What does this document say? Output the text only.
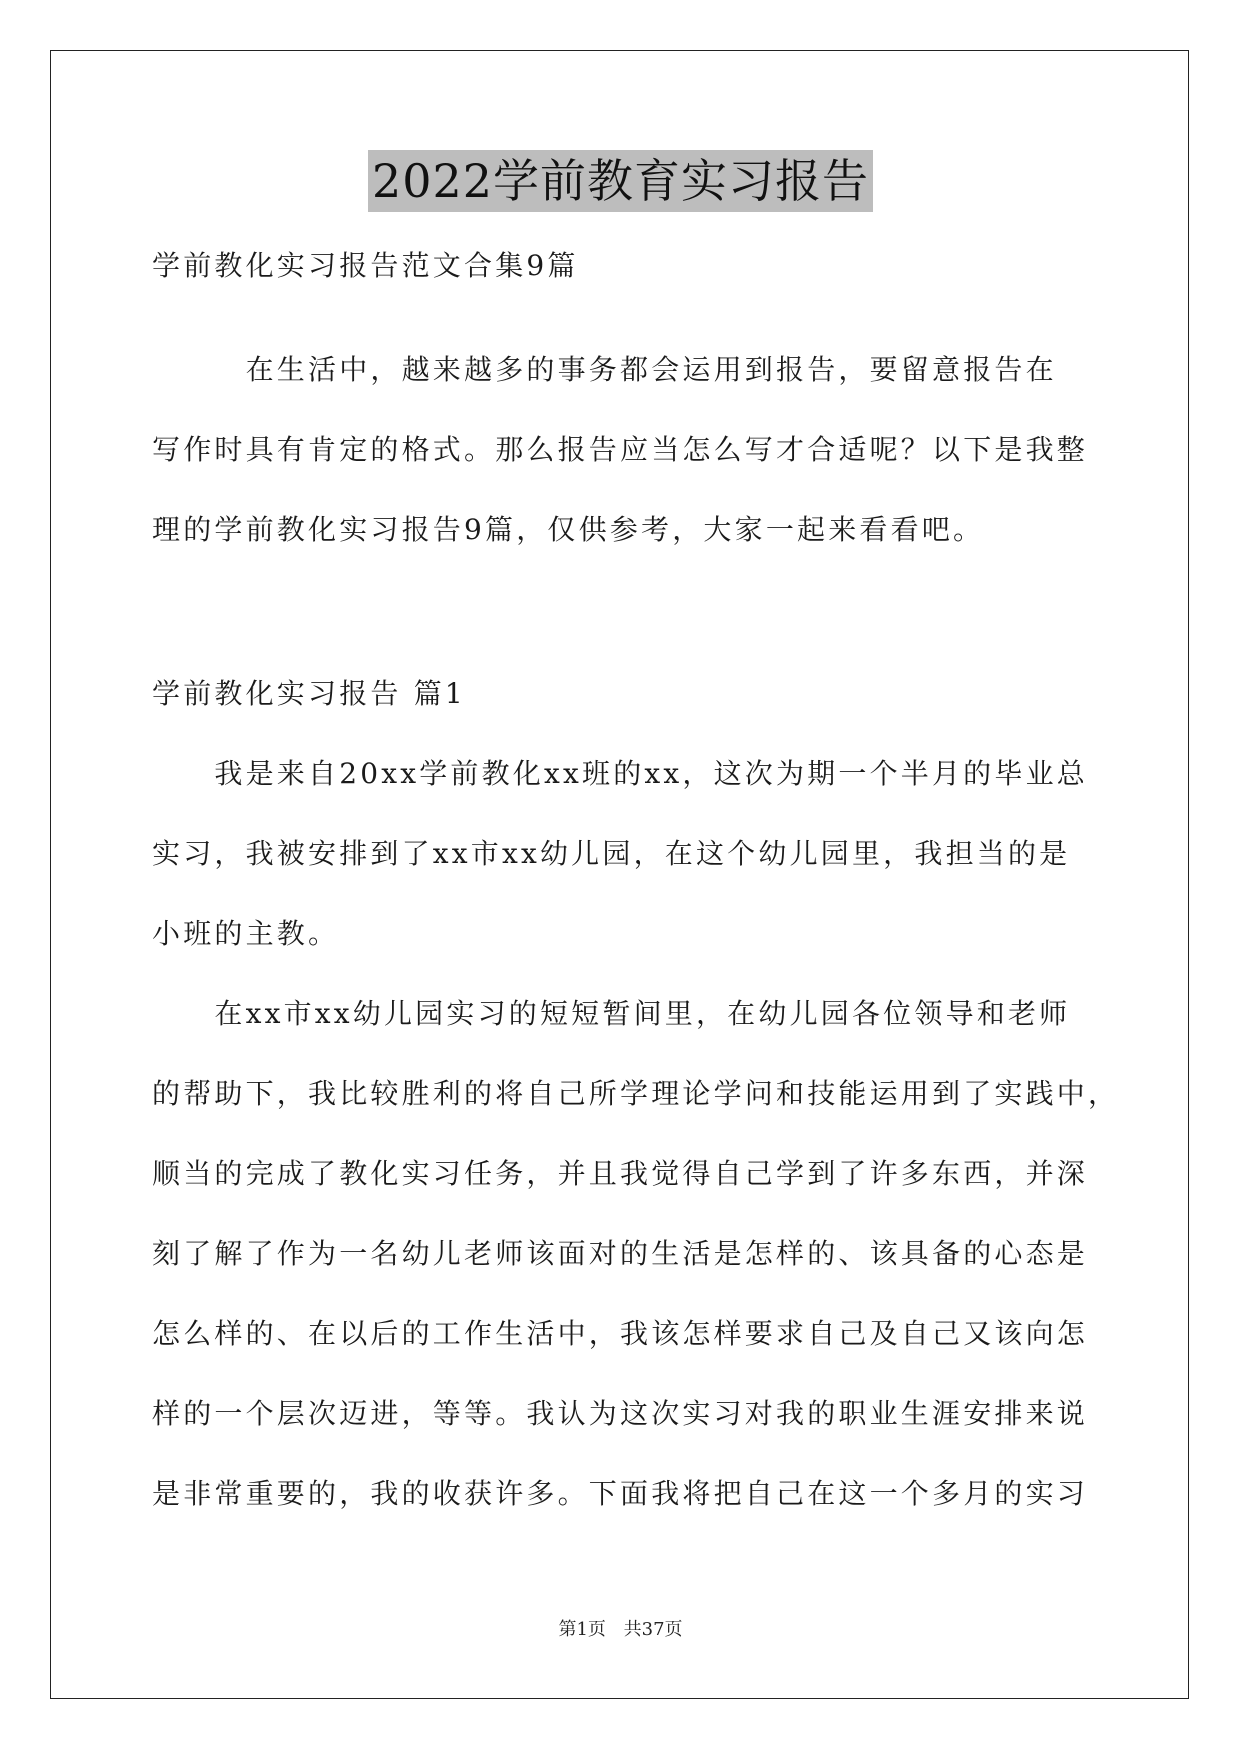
2022学前教育实习报告
学前教化实习报告范文合集9篇
　　　在生活中，越来越多的事务都会运用到报告，要留意报告在
写作时具有肯定的格式。那么报告应当怎么写才合适呢？以下是我整
理的学前教化实习报告9篇，仅供参考，大家一起来看看吧。
学前教化实习报告 篇1
　　我是来自20xx学前教化xx班的xx，这次为期一个半月的毕业总
实习，我被安排到了xx市xx幼儿园，在这个幼儿园里，我担当的是
小班的主教。
　　在xx市xx幼儿园实习的短短暂间里，在幼儿园各位领导和老师
的帮助下，我比较胜利的将自己所学理论学问和技能运用到了实践中，
顺当的完成了教化实习任务，并且我觉得自己学到了许多东西，并深
刻了解了作为一名幼儿老师该面对的生活是怎样的、该具备的心态是
怎么样的、在以后的工作生活中，我该怎样要求自己及自己又该向怎
样的一个层次迈进，等等。我认为这次实习对我的职业生涯安排来说
是非常重要的，我的收获许多。下面我将把自己在这一个多月的实习
第1页 共37页
